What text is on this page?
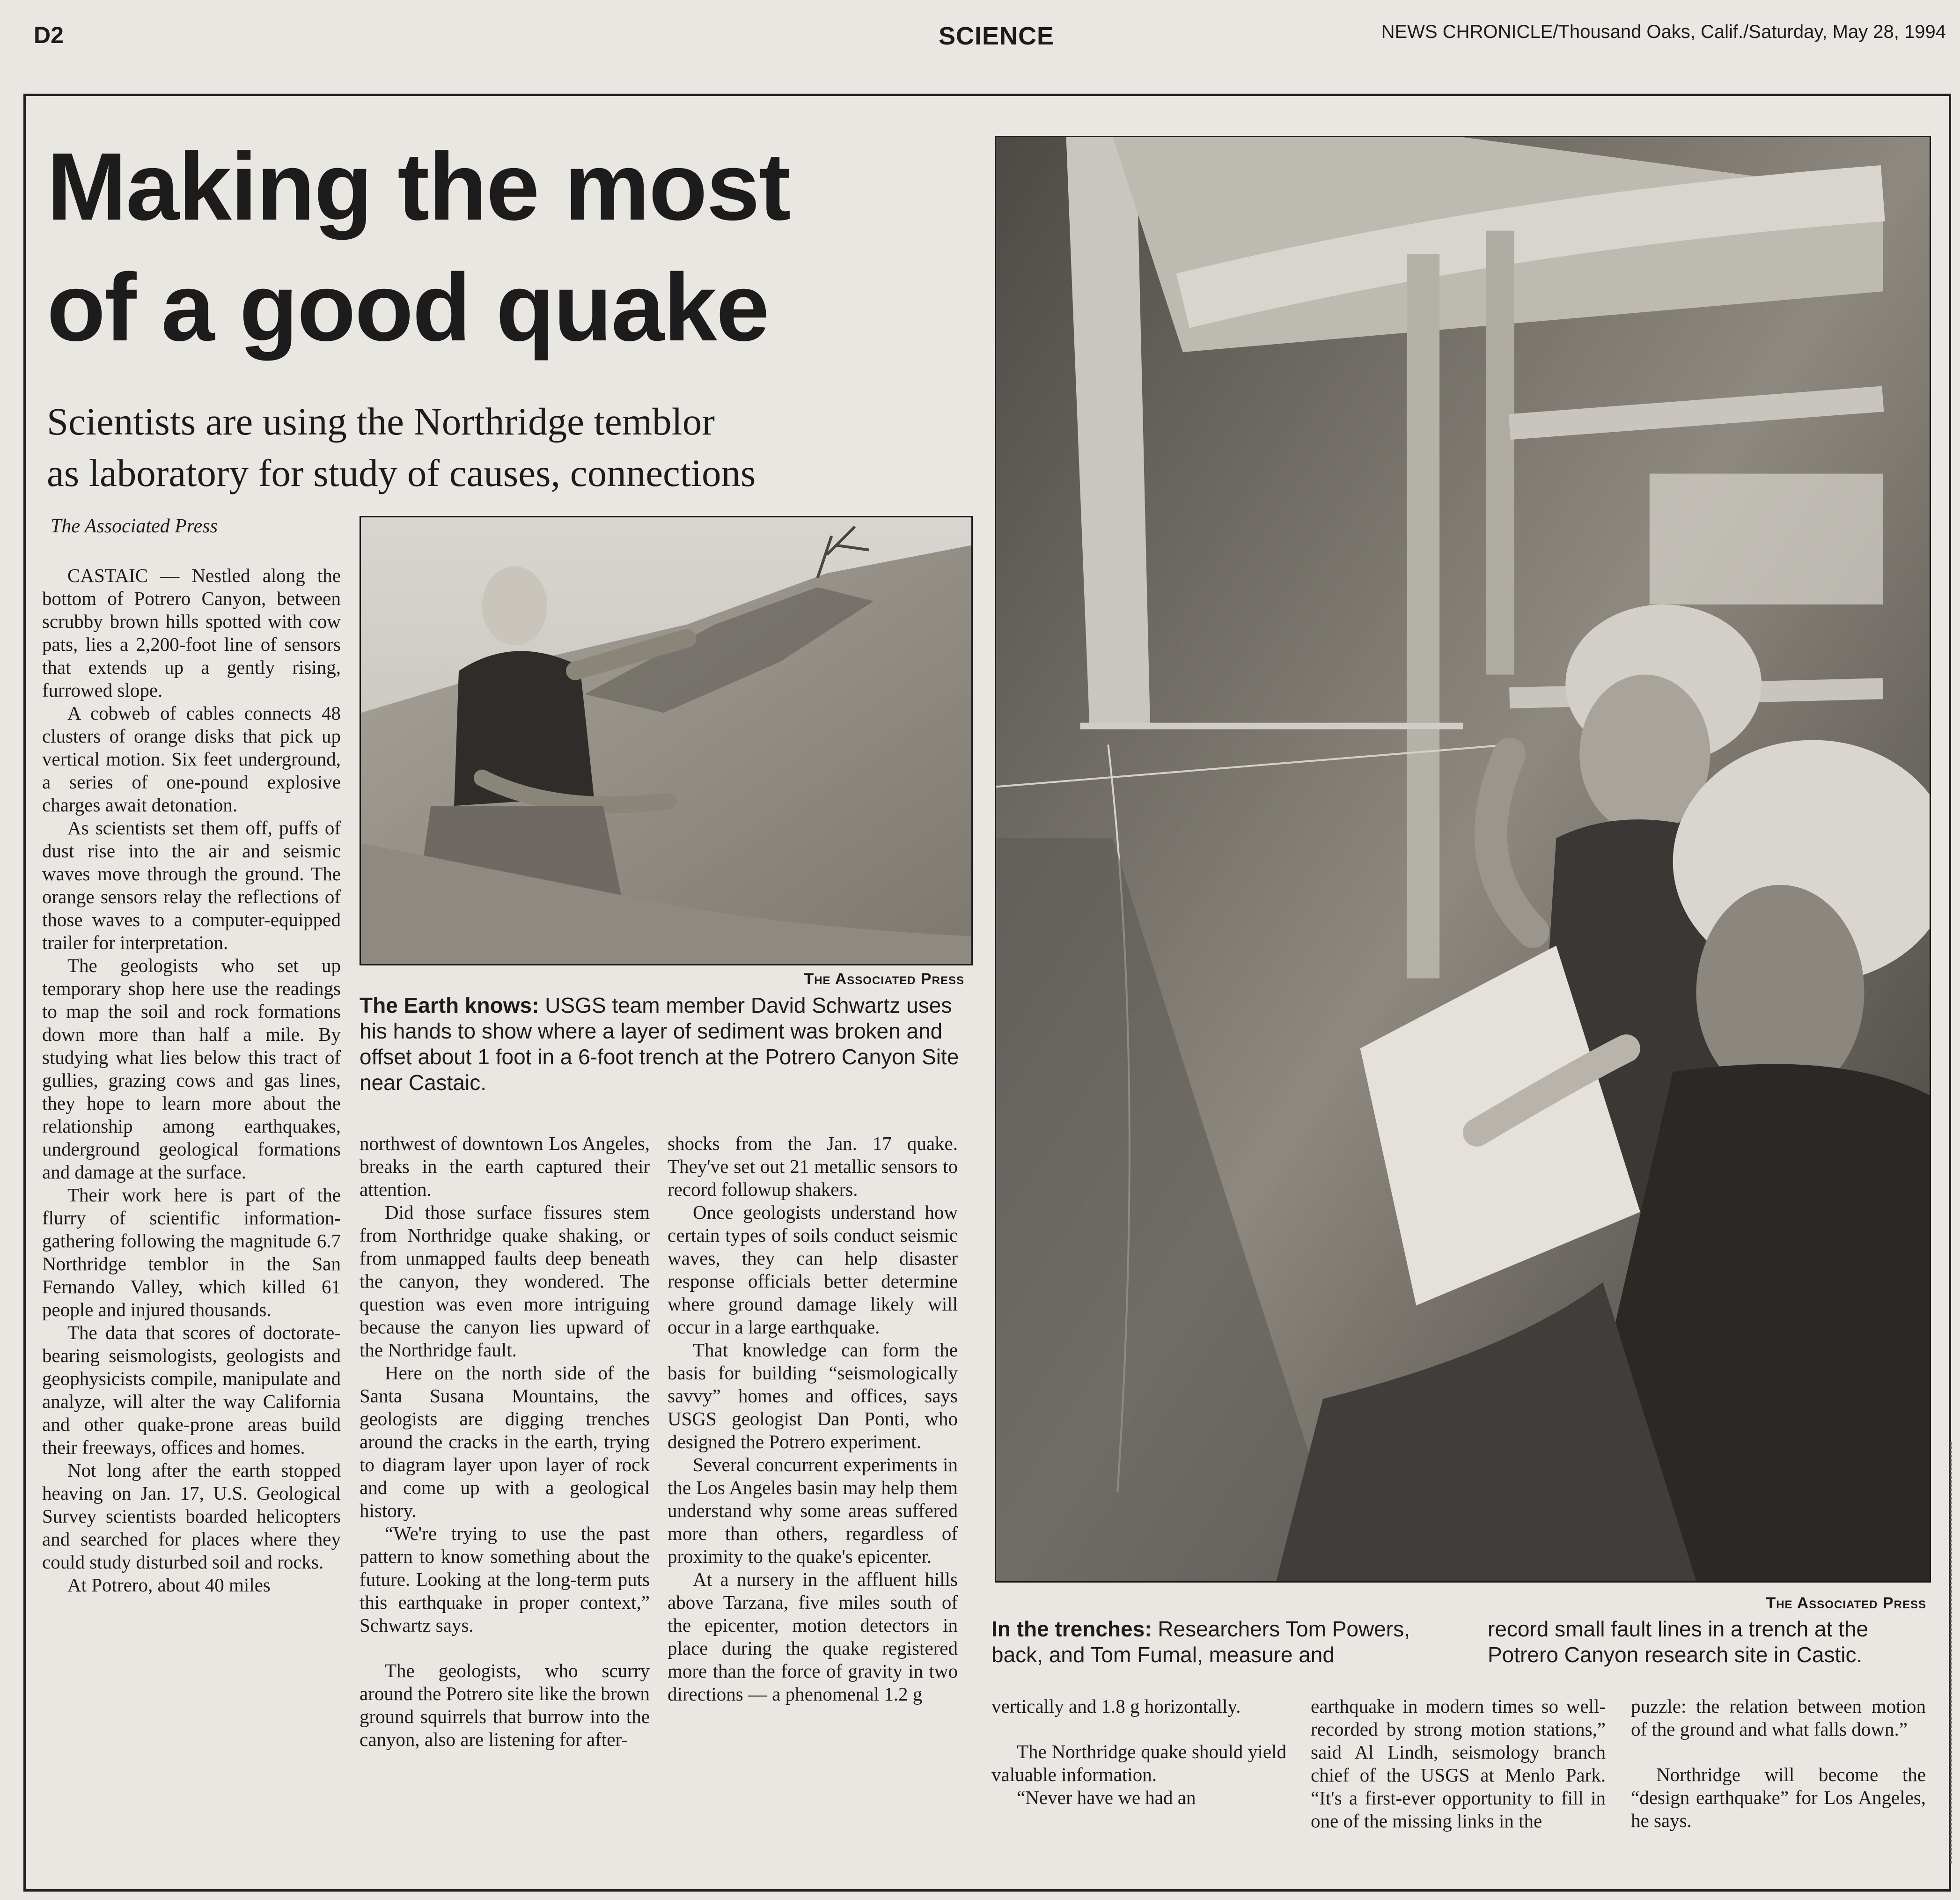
D2	SCIENCE	NEWS CHRONICLE/Thousand Oaks, Calif./Saturday, May 28, 1994
Making the most
of a good quake
Scientists are using the Northridge temblor
as laboratory for study of causes, connections
The Associated Press
The Associated Press

The Earth knows: USGS team member David Schwartz uses his hands to show where a layer of sediment was broken and offset about 1 foot in a 6-foot trench at the Potrero Canyon Site near Castaic.

The Associated Press

In the trenches: Researchers Tom Powers, back, and Tom Fumal, measure and

record small fault lines in a trench at the Potrero Canyon research site in Castic.

CASTAIC — Nestled along the bottom of Potrero Canyon, between scrubby brown hills spotted with cow pats, lies a 2,200-foot line of sensors that extends up a gently rising, furrowed slope.

A cobweb of cables connects 48 clusters of orange disks that pick up vertical motion. Six feet underground, a series of one-pound explosive charges await detonation.

As scientists set them off, puffs of dust rise into the air and seismic waves move through the ground. The orange sensors relay the reflections of those waves to a computer-equipped trailer for interpretation.

The geologists who set up temporary shop here use the readings to map the soil and rock formations down more than half a mile. By studying what lies below this tract of gullies, grazing cows and gas lines, they hope to learn more about the relationship among earthquakes, underground geological formations and damage at the surface.

Their work here is part of the flurry of scientific information-gathering following the magnitude 6.7 Northridge temblor in the San Fernando Valley, which killed 61 people and injured thousands.

The data that scores of doctorate-bearing seismologists, geologists and geophysicists compile, manipulate and analyze, will alter the way California and other quake-prone areas build their freeways, offices and homes.

Not long after the earth stopped heaving on Jan. 17, U.S. Geological Survey scientists boarded helicopters and searched for places where they could study disturbed soil and rocks.

At Potrero, about 40 miles

northwest of downtown Los Angeles, breaks in the earth captured their attention.

Did those surface fissures stem from Northridge quake shaking, or from unmapped faults deep beneath the canyon, they wondered. The question was even more intriguing because the canyon lies upward of the Northridge fault.

Here on the north side of the Santa Susana Mountains, the geologists are digging trenches around the cracks in the earth, trying to diagram layer upon layer of rock and come up with a geological history.

“We're trying to use the past pattern to know something about the future. Looking at the long-term puts this earthquake in proper context,” Schwartz says.

The geologists, who scurry around the Potrero site like the brown ground squirrels that burrow into the canyon, also are listening for after-

shocks from the Jan. 17 quake. They've set out 21 metallic sensors to record followup shakers.

Once geologists understand how certain types of soils conduct seismic waves, they can help disaster response officials better determine where ground damage likely will occur in a large earthquake.

That knowledge can form the basis for building “seismologically savvy” homes and offices, says USGS geologist Dan Ponti, who designed the Potrero experiment.

Several concurrent experiments in the Los Angeles basin may help them understand why some areas suffered more than others, regardless of proximity to the quake's epicenter.

At a nursery in the affluent hills above Tarzana, five miles south of the epicenter, motion detectors in place during the quake registered more than the force of gravity in two directions — a phenomenal 1.2 g

vertically and 1.8 g horizontally.

The Northridge quake should yield valuable information.

“Never have we had an

earthquake in modern times so well-recorded by strong motion stations,” said Al Lindh, seismology branch chief of the USGS at Menlo Park. “It's a first-ever opportunity to fill in one of the missing links in the

puzzle: the relation between motion of the ground and what falls down.”

Northridge will become the “design earthquake” for Los Angeles, he says.
